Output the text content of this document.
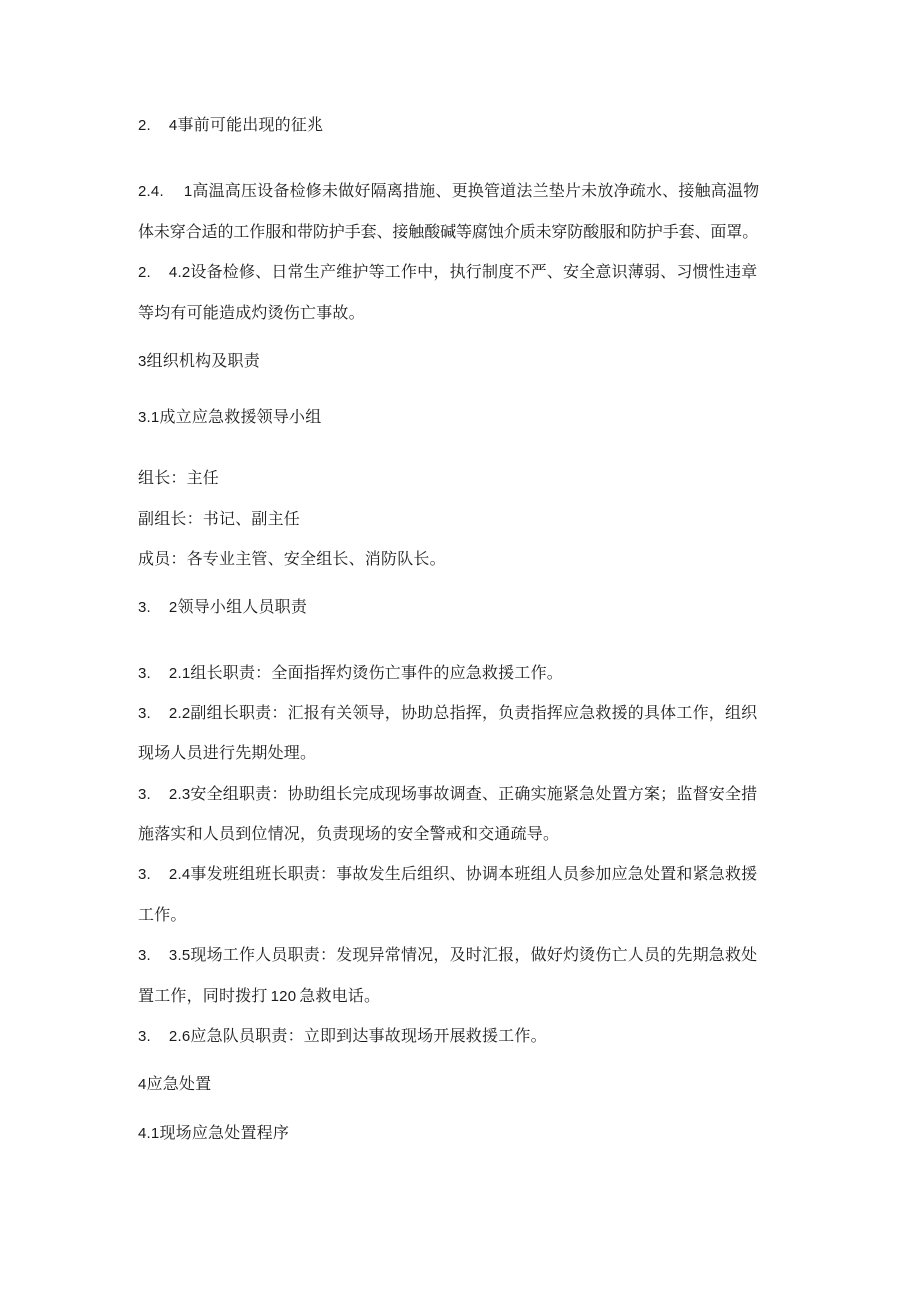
2. 4事前可能出现的征兆
2.4. 1高温高压设备检修未做好隔离措施、更换管道法兰垫片未放净疏水、接触高温物
体未穿合适的工作服和带防护手套、接触酸碱等腐蚀介质未穿防酸服和防护手套、面罩。
2. 4.2设备检修、日常生产维护等工作中，执行制度不严、安全意识薄弱、习惯性违章
等均有可能造成灼烫伤亡事故。
3组织机构及职责
3.1成立应急救援领导小组
组长：主任
副组长：书记、副主任
成员：各专业主管、安全组长、消防队长。
3. 2领导小组人员职责
3. 2.1组长职责：全面指挥灼烫伤亡事件的应急救援工作。
3. 2.2副组长职责：汇报有关领导，协助总指挥，负责指挥应急救援的具体工作，组织
现场人员进行先期处理。
3. 2.3安全组职责：协助组长完成现场事故调查、正确实施紧急处置方案；监督安全措
施落实和人员到位情况，负责现场的安全警戒和交通疏导。
3. 2.4事发班组班长职责：事故发生后组织、协调本班组人员参加应急处置和紧急救援
工作。
3. 3.5现场工作人员职责：发现异常情况，及时汇报，做好灼烫伤亡人员的先期急救处
置工作，同时拨打 120 急救电话。
3. 2.6应急队员职责：立即到达事故现场开展救援工作。
4应急处置
4.1现场应急处置程序
